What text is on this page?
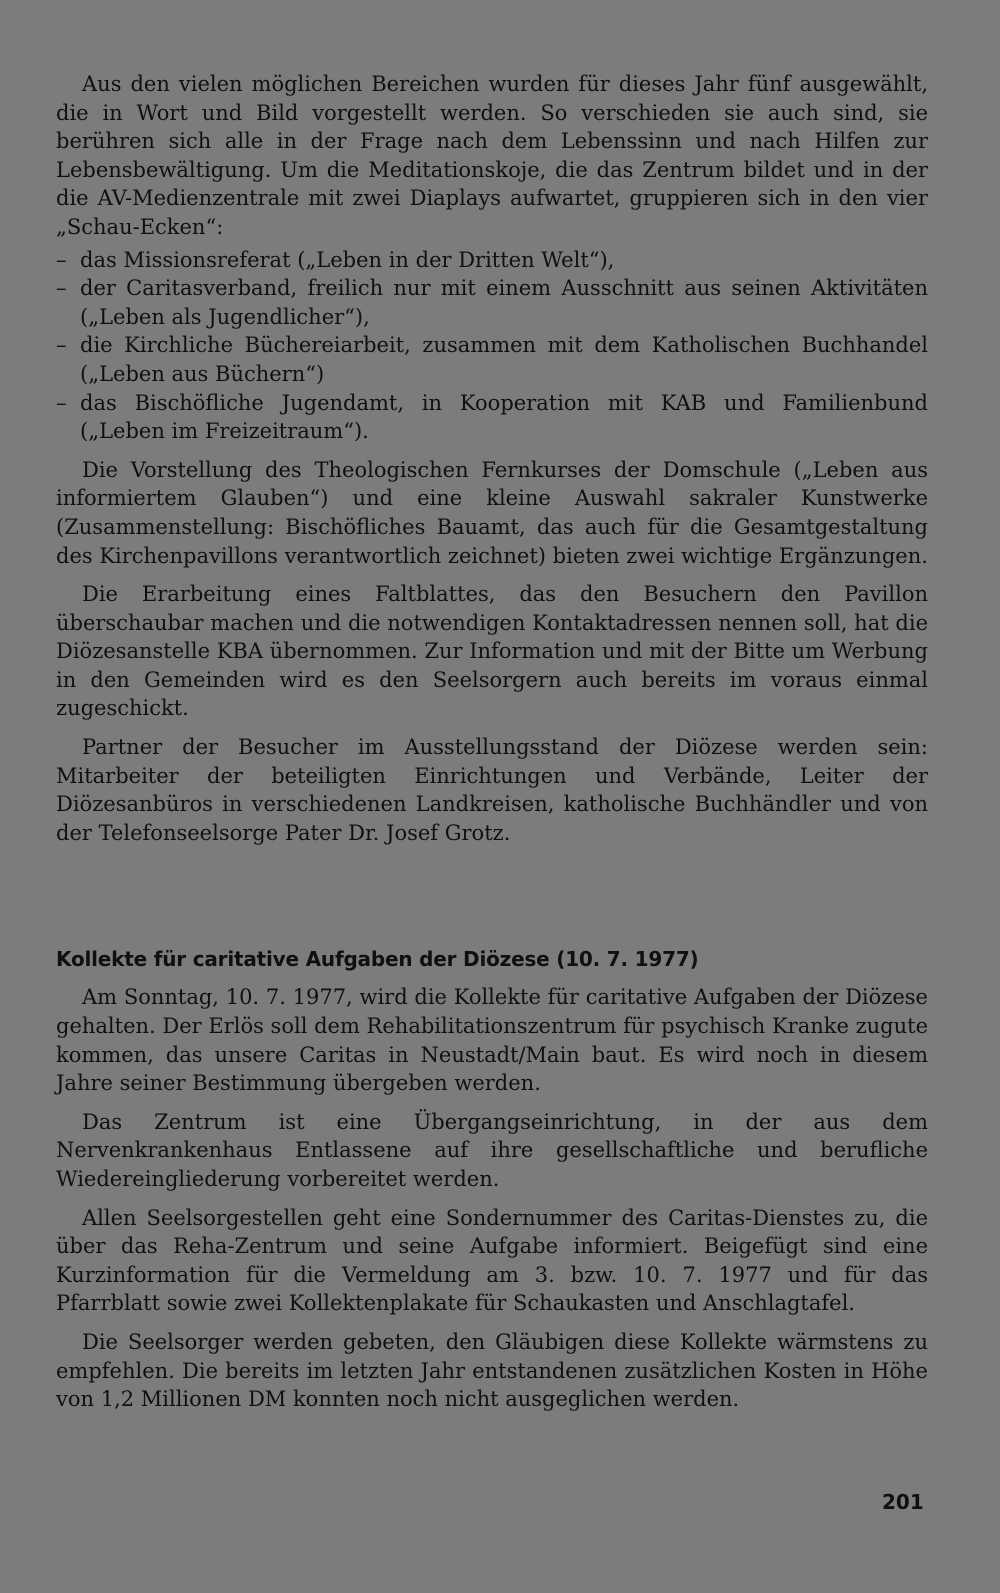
Aus den vielen möglichen Bereichen wurden für dieses Jahr fünf ausgewählt, die in Wort und Bild vorgestellt werden. So verschieden sie auch sind, sie berühren sich alle in der Frage nach dem Lebenssinn und nach Hilfen zur Lebensbewältigung. Um die Meditationskoje, die das Zentrum bildet und in der die AV-Medienzentrale mit zwei Diaplays aufwartet, gruppieren sich in den vier „Schau-Ecken“:

– das Missionsreferat („Leben in der Dritten Welt“),
– der Caritasverband, freilich nur mit einem Ausschnitt aus seinen Aktivitäten („Leben als Jugendlicher“),
– die Kirchliche Büchereiarbeit, zusammen mit dem Katholischen Buchhandel („Leben aus Büchern“)
– das Bischöfliche Jugendamt, in Kooperation mit KAB und Familienbund („Leben im Freizeitraum“).

Die Vorstellung des Theologischen Fernkurses der Domschule („Leben aus informiertem Glauben“) und eine kleine Auswahl sakraler Kunstwerke (Zusammenstellung: Bischöfliches Bauamt, das auch für die Gesamtgestaltung des Kirchenpavillons verantwortlich zeichnet) bieten zwei wichtige Ergänzungen.

Die Erarbeitung eines Faltblattes, das den Besuchern den Pavillon überschaubar machen und die notwendigen Kontaktadressen nennen soll, hat die Diözesanstelle KBA übernommen. Zur Information und mit der Bitte um Werbung in den Gemeinden wird es den Seelsorgern auch bereits im voraus einmal zugeschickt.

Partner der Besucher im Ausstellungsstand der Diözese werden sein: Mitarbeiter der beteiligten Einrichtungen und Verbände, Leiter der Diözesanbüros in verschiedenen Landkreisen, katholische Buchhändler und von der Telefonseelsorge Pater Dr. Josef Grotz.

Kollekte für caritative Aufgaben der Diözese (10. 7. 1977)

Am Sonntag, 10. 7. 1977, wird die Kollekte für caritative Aufgaben der Diözese gehalten. Der Erlös soll dem Rehabilitationszentrum für psychisch Kranke zugute kommen, das unsere Caritas in Neustadt/Main baut. Es wird noch in diesem Jahre seiner Bestimmung übergeben werden.

Das Zentrum ist eine Übergangseinrichtung, in der aus dem Nervenkrankenhaus Entlassene auf ihre gesellschaftliche und berufliche Wiedereingliederung vorbereitet werden.

Allen Seelsorgestellen geht eine Sondernummer des Caritas-Dienstes zu, die über das Reha-Zentrum und seine Aufgabe informiert. Beigefügt sind eine Kurzinformation für die Vermeldung am 3. bzw. 10. 7. 1977 und für das Pfarrblatt sowie zwei Kollektenplakate für Schaukasten und Anschlagtafel.

Die Seelsorger werden gebeten, den Gläubigen diese Kollekte wärmstens zu empfehlen. Die bereits im letzten Jahr entstandenen zusätzlichen Kosten in Höhe von 1,2 Millionen DM konnten noch nicht ausgeglichen werden.

201
